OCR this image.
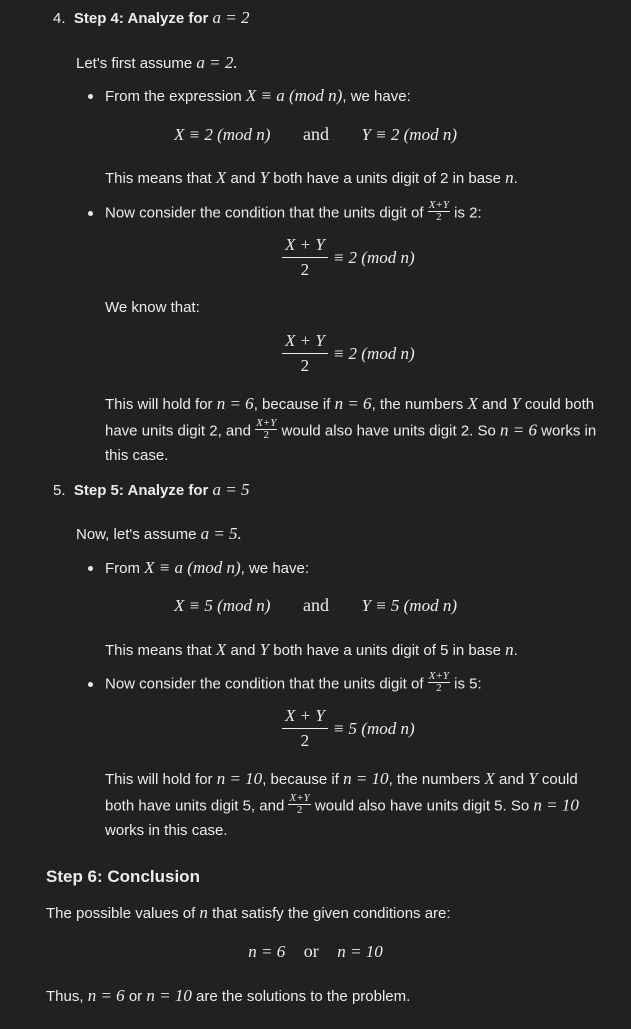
4. Step 4: Analyze for a = 2
Let's first assume a = 2.
From the expression X ≡ a (mod n), we have:
X ≡ 2 (mod n) and Y ≡ 2 (mod n)
This means that X and Y both have a units digit of 2 in base n.
Now consider the condition that the units digit of $\frac{X+Y}{2}$ is 2:
$\frac{X + Y}{2} \equiv 2$ (mod n)
We know that:
$\frac{X + Y}{2} \equiv 2$ (mod n)
This will hold for n = 6, because if n = 6, the numbers X and Y could both
have units digit 2, and $\frac{X+Y}{2}$ would also have units digit 2. So n = 6 works in
this case.
5. Step 5: Analyze for a = 5
Now, let's assume a = 5.
From X ≡ a (mod n), we have:
X ≡ 5 (mod n) and Y ≡ 5 (mod n)
This means that X and Y both have a units digit of 5 in base n.
Now consider the condition that the units digit of $\frac{X+Y}{2}$ is 5:
$\frac{X + Y}{2} \equiv 5$ (mod n)
This will hold for n = 10, because if n = 10, the numbers X and Y could
both have units digit 5, and $\frac{X+Y}{2}$ would also have units digit 5. So n = 10
works in this case.
Step 6: Conclusion
The possible values of n that satisfy the given conditions are:
n = 6 or n = 10
Thus, n = 6 or n = 10 are the solutions to the problem.
